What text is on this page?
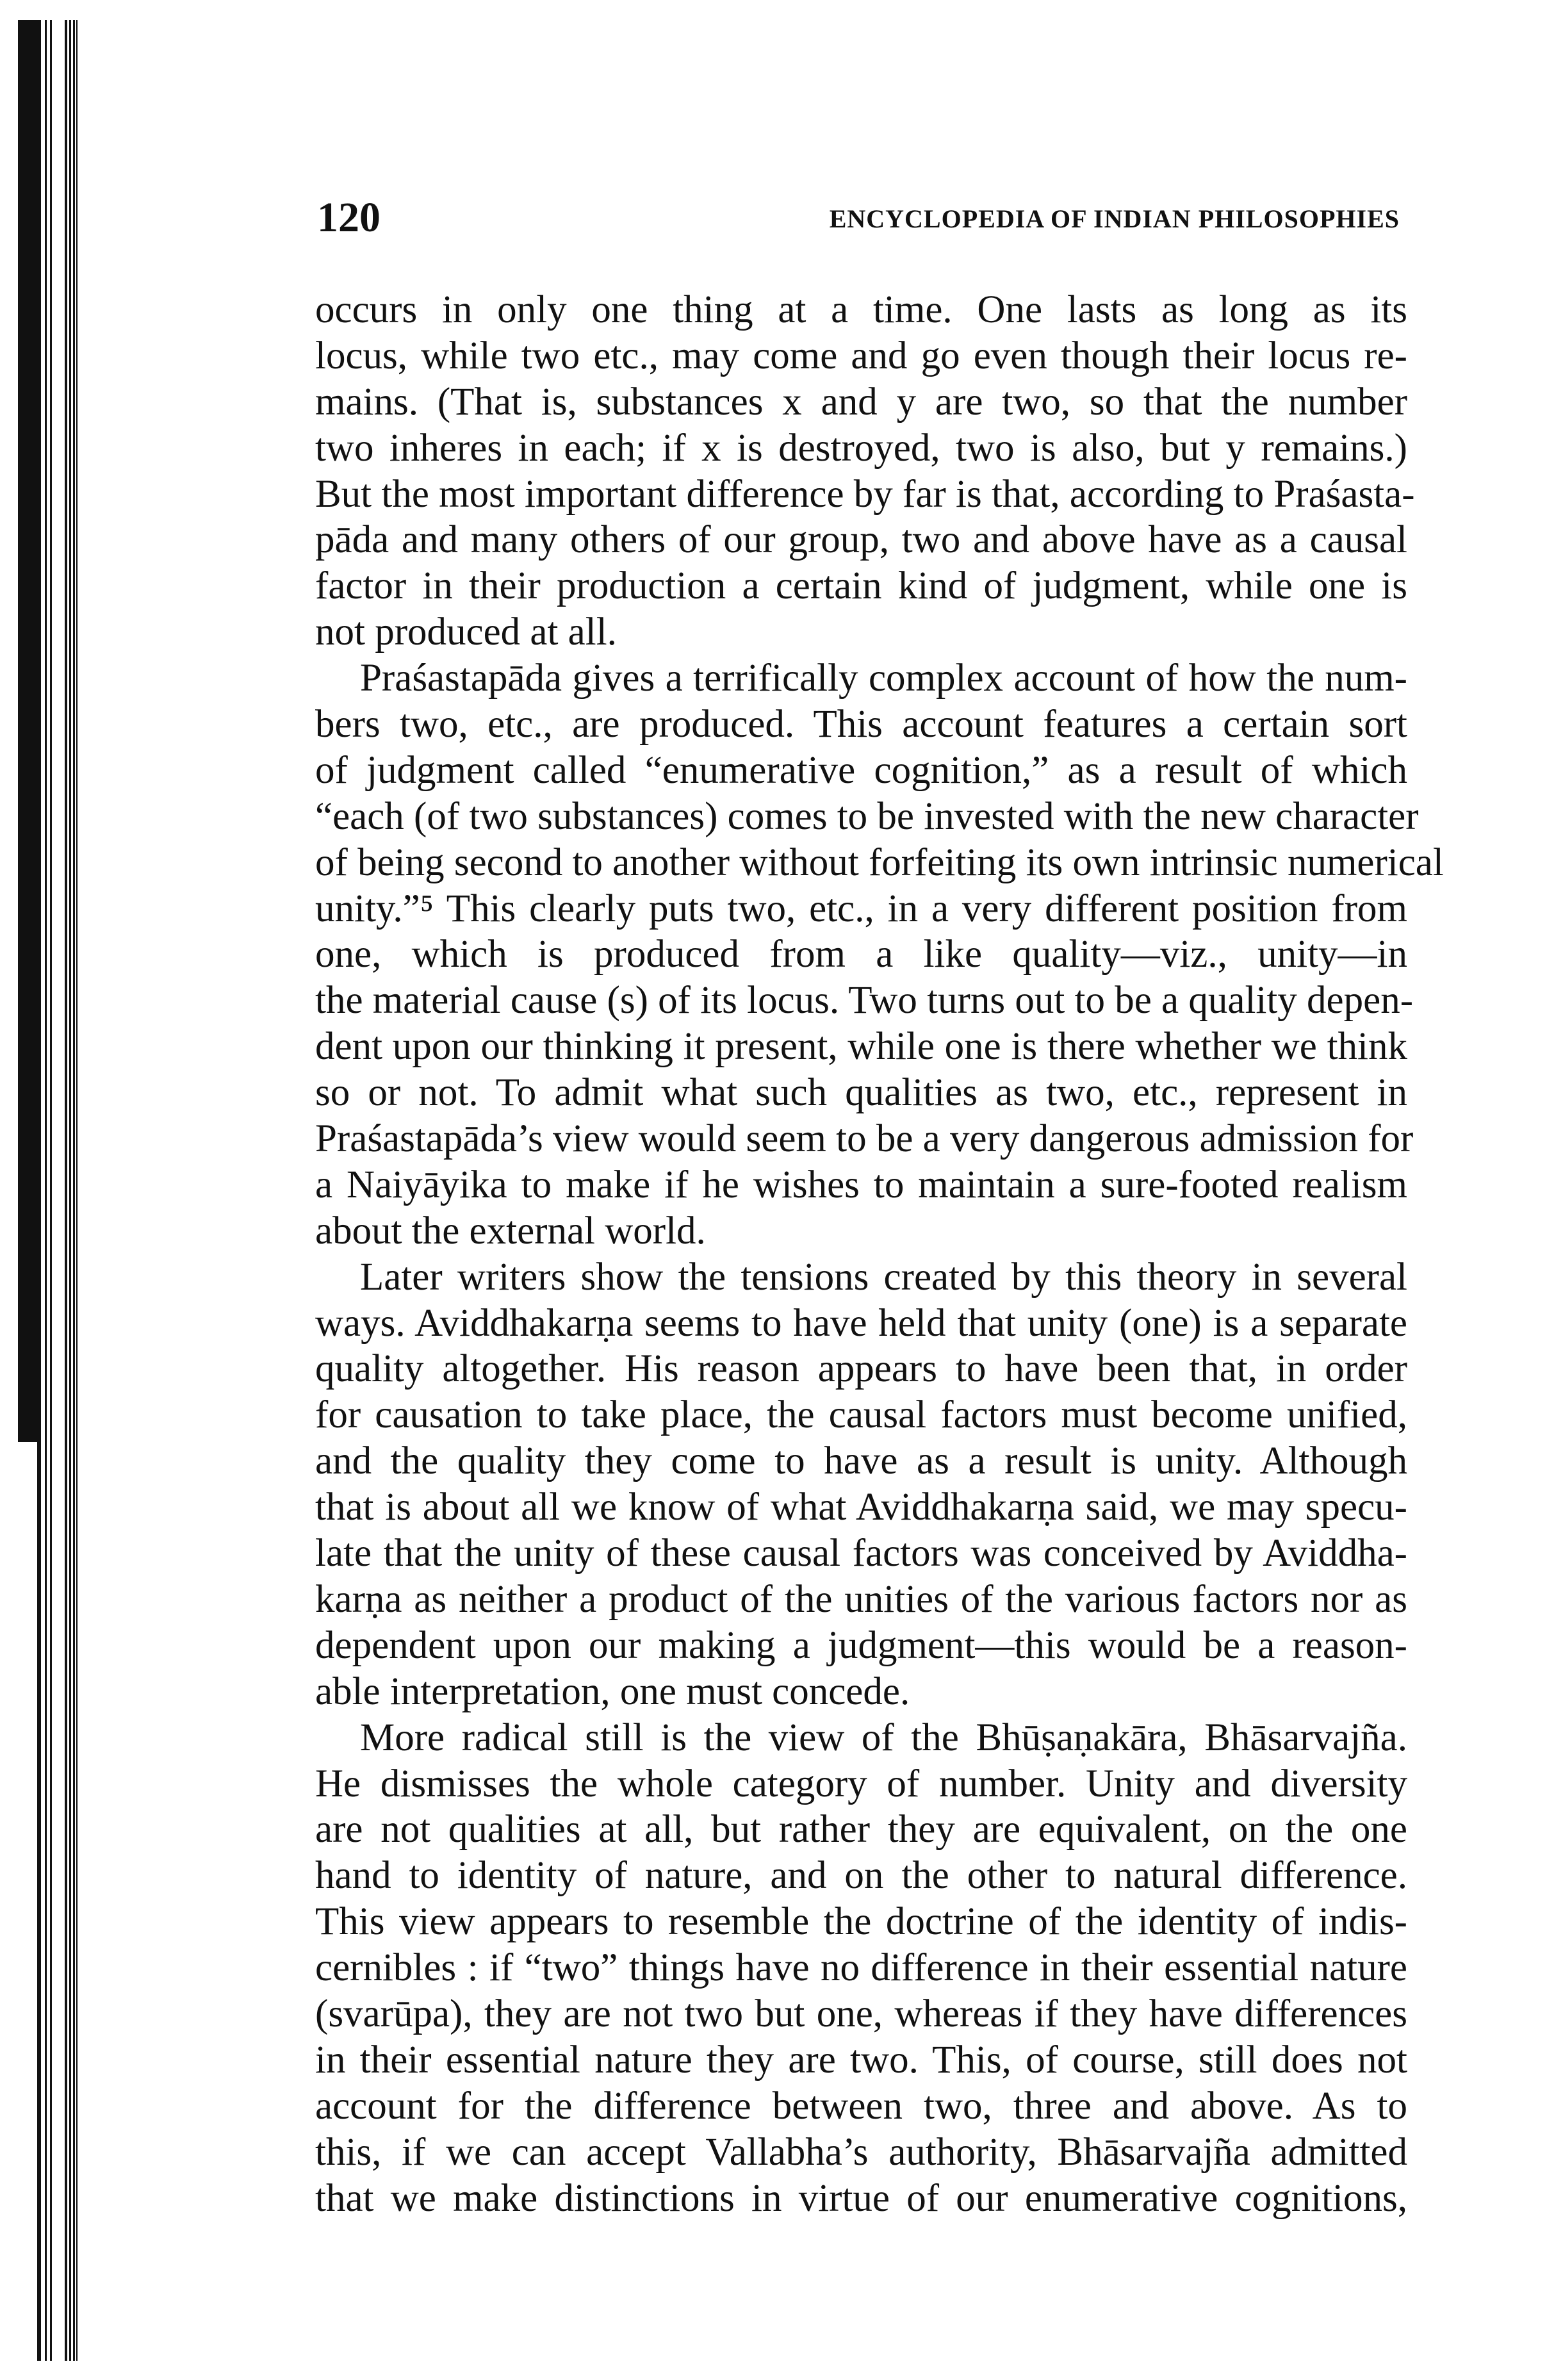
120	ENCYCLOPEDIA OF INDIAN PHILOSOPHIES
occurs in only one thing at a time. One lasts as long as its
locus, while two etc., may come and go even though their locus re-
mains. (That is, substances x and y are two, so that the number
two inheres in each; if x is destroyed, two is also, but y remains.)
But the most important difference by far is that, according to Praśasta-
pāda and many others of our group, two and above have as a causal
factor in their production a certain kind of judgment, while one is
not produced at all.
Praśastapāda gives a terrifically complex account of how the num-
bers two, etc., are produced. This account features a certain sort
of judgment called “enumerative cognition,” as a result of which
“each (of two substances) comes to be invested with the new character
of being second to another without forfeiting its own intrinsic numerical
unity.”⁵ This clearly puts two, etc., in a very different position from
one, which is produced from a like quality—viz., unity—in
the material cause (s) of its locus. Two turns out to be a quality depen-
dent upon our thinking it present, while one is there whether we think
so or not. To admit what such qualities as two, etc., represent in
Praśastapāda’s view would seem to be a very dangerous admission for
a Naiyāyika to make if he wishes to maintain a sure-footed realism
about the external world.
Later writers show the tensions created by this theory in several
ways. Aviddhakarṇa seems to have held that unity (one) is a separate
quality altogether. His reason appears to have been that, in order
for causation to take place, the causal factors must become unified,
and the quality they come to have as a result is unity. Although
that is about all we know of what Aviddhakarṇa said, we may specu-
late that the unity of these causal factors was conceived by Aviddha-
karṇa as neither a product of the unities of the various factors nor as
dependent upon our making a judgment—this would be a reason-
able interpretation, one must concede.
More radical still is the view of the Bhūṣaṇakāra, Bhāsarvajña.
He dismisses the whole category of number. Unity and diversity
are not qualities at all, but rather they are equivalent, on the one
hand to identity of nature, and on the other to natural difference.
This view appears to resemble the doctrine of the identity of indis-
cernibles : if “two” things have no difference in their essential nature
(svarūpa), they are not two but one, whereas if they have differences
in their essential nature they are two. This, of course, still does not
account for the difference between two, three and above. As to
this, if we can accept Vallabha’s authority, Bhāsarvajña admitted
that we make distinctions in virtue of our enumerative cognitions,
